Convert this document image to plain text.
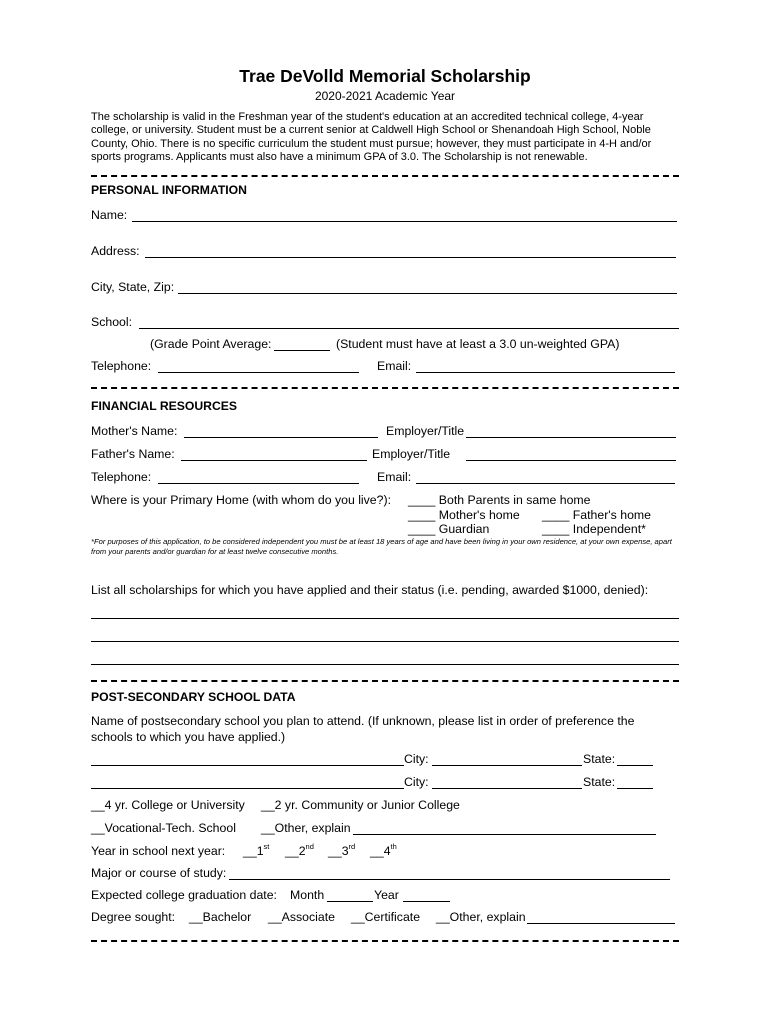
Trae DeVolld Memorial Scholarship
2020-2021 Academic Year
The scholarship is valid in the Freshman year of the student's education at an accredited technical college, 4-year college, or university. Student must be a current senior at Caldwell High School or Shenandoah High School, Noble County, Ohio. There is no specific curriculum the student must pursue; however, they must participate in 4-H and/or sports programs. Applicants must also have a minimum GPA of 3.0. The Scholarship is not renewable.
PERSONAL INFORMATION
Name:
Address:
City, State, Zip:
School:
(Grade Point Average:	(Student must have at least a 3.0 un-weighted GPA)
Telephone:	Email:
FINANCIAL RESOURCES
Mother's Name:	Employer/Title
Father's Name:	Employer/Title
Telephone:	Email:
Where is your Primary Home (with whom do you live?): ____ Both Parents in same home
____ Mother's home ____ Father's home
____ Guardian	____ Independent*
*For purposes of this application, to be considered independent you must be at least 18 years of age and have been living in your own residence, at your own expense, apart from your parents and/or guardian for at least twelve consecutive months.
List all scholarships for which you have applied and their status (i.e. pending, awarded $1000, denied):
POST-SECONDARY SCHOOL DATA
Name of postsecondary school you plan to attend. (If unknown, please list in order of preference the
schools to which you have applied.)
City:	State:
City:	State:
__4 yr. College or University __2 yr. Community or Junior College
__Vocational-Tech. School __Other, explain
Year in school next year: __1st __2nd __3rd __4th
Major or course of study:
Expected college graduation date: Month	Year
Degree sought: __Bachelor __Associate __Certificate __Other, explain
